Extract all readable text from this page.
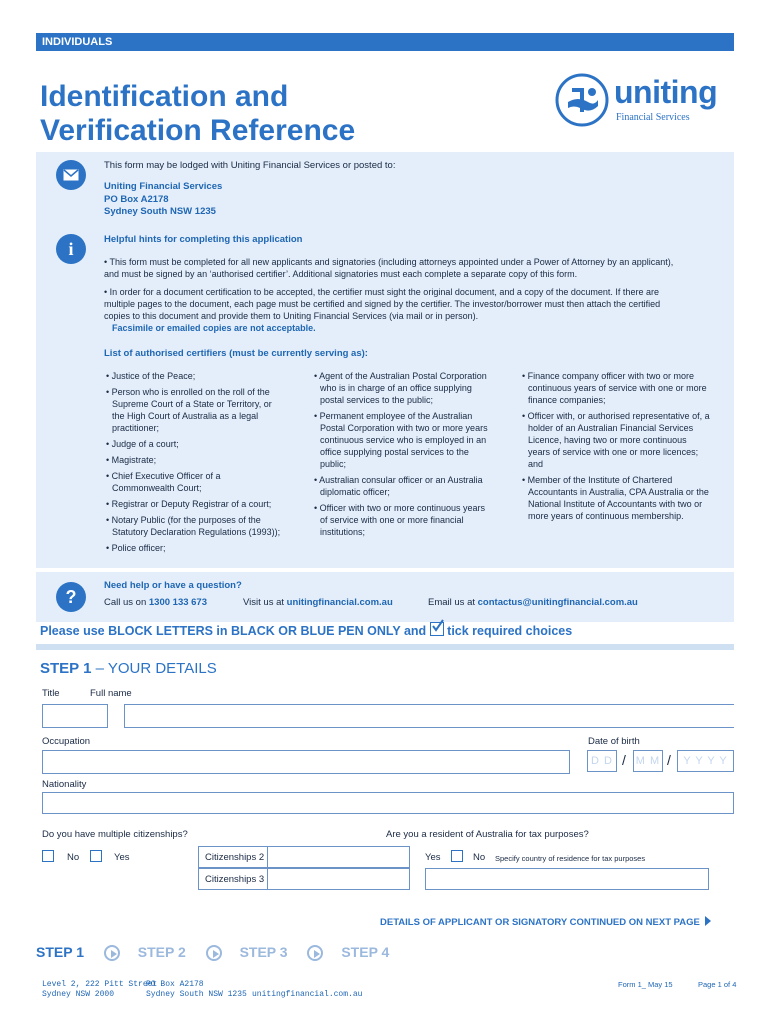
INDIVIDUALS
Identification and
Verification Reference
uniting
Financial Services
This form may be lodged with Uniting Financial Services or posted to:
Uniting Financial Services
PO Box A2178
Sydney South NSW 1235
i	Helpful hints for completing this application
• This form must be completed for all new applicants and signatories (including attorneys appointed under a Power of Attorney by an applicant), and must be signed by an ‘authorised certifier’. Additional signatories must each complete a separate copy of this form.
• In order for a document certification to be accepted, the certifier must sight the original document, and a copy of the document. If there are multiple pages to the document, each page must be certified and signed by the certifier. The investor/borrower must then attach the certified copies to this document and provide them to Uniting Financial Services (via mail or in person).
Facsimile or emailed copies are not acceptable.
List of authorised certifiers (must be currently serving as):
• Justice of the Peace;
• Person who is enrolled on the roll of the Supreme Court of a State or Territory, or the High Court of Australia as a legal practitioner;
• Judge of a court;
• Magistrate;
• Chief Executive Officer of a Commonwealth Court;
• Registrar or Deputy Registrar of a court;
• Notary Public (for the purposes of the Statutory Declaration Regulations (1993));
• Police officer;
• Agent of the Australian Postal Corporation who is in charge of an office supplying postal services to the public;
• Permanent employee of the Australian Postal Corporation with two or more years continuous service who is employed in an office supplying postal services to the public;
• Australian consular officer or an Australia diplomatic officer;
• Officer with two or more continuous years of service with one or more financial institutions;
• Finance company officer with two or more continuous years of service with one or more finance companies;
• Officer with, or authorised representative of, a holder of an Australian Financial Services Licence, having two or more continuous years of service with one or more licences; and
• Member of the Institute of Chartered Accountants in Australia, CPA Australia or the National Institute of Accountants with two or more years of continuous membership.
?
Need help or have a question?
Call us on 1300 133 673	Visit us at unitingfinancial.com.au	Email us at contactus@unitingfinancial.com.au
Please use BLOCK LETTERS in BLACK OR BLUE PEN ONLY and tick required choices
STEP 1 – YOUR DETAILS
Title	Full name
Occupation	Date of birth
D D / M M /	Y Y Y Y
Nationality
Do you have multiple citizenships?	Are you a resident of Australia for tax purposes?
No	Yes	Citizenships 2
Citizenships 3
Yes	No Specify country of residence for tax purposes
DETAILS OF APPLICANT OR SIGNATORY CONTINUED ON NEXT PAGE
STEP 1	STEP 2	STEP 3	STEP 4
Level 2, 222 Pitt Street
Sydney NSW 2000
PO Box A2178
Sydney South NSW 1235 unitingfinancial.com.au
Form 1_ May 15	Page 1 of 4
